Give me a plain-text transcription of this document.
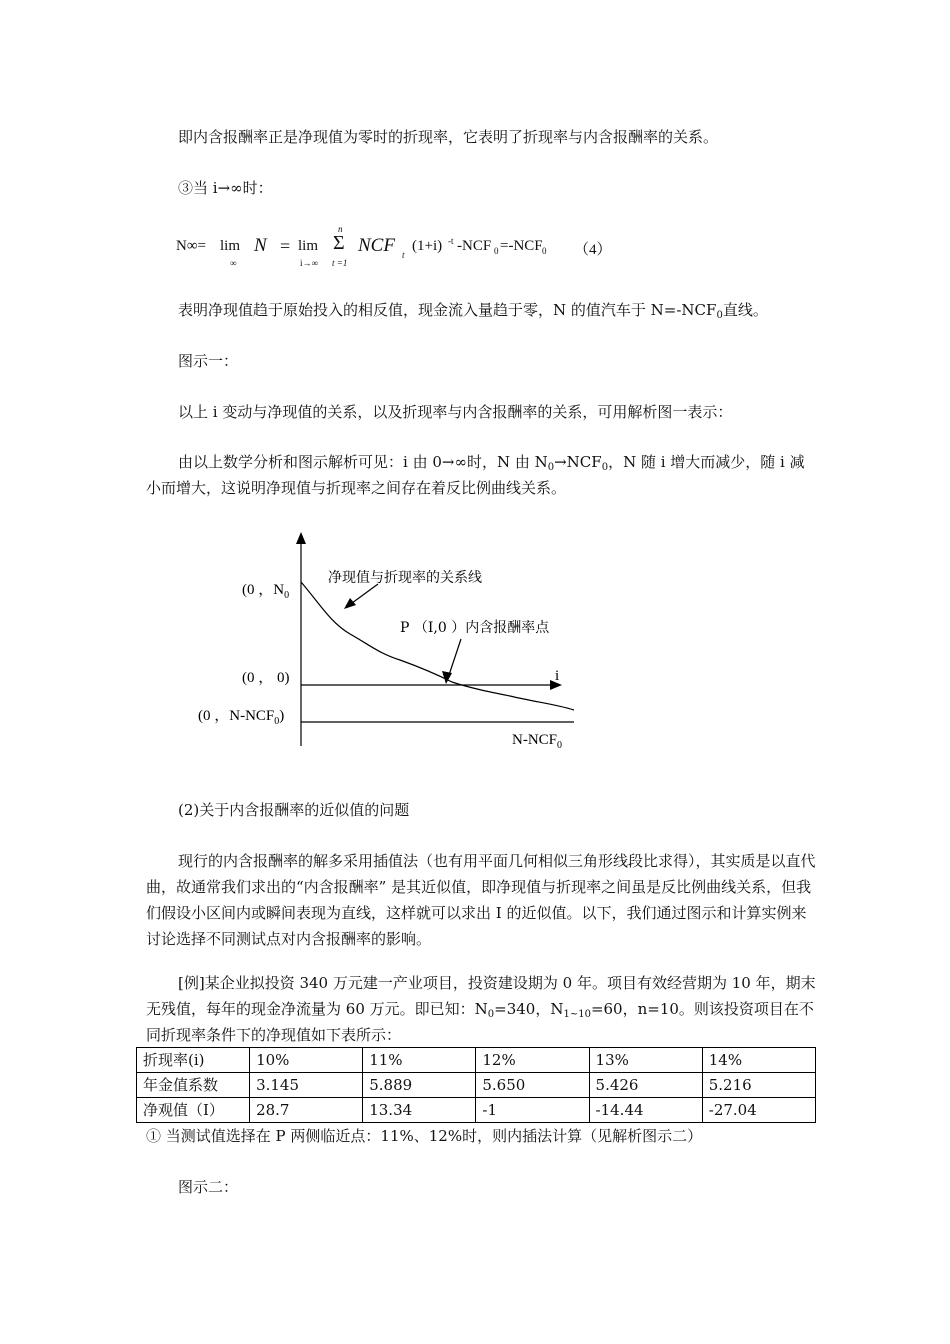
即内含报酬率正是净现值为零时的折现率，它表明了折现率与内含报酬率的关系。
③当 i→∞时：
N∞= lim
∞
N = lim
i→∞
n
Σ
t =1
NCF t
(1+i) -t -NCF 0 =-NCF 0 （4）
表明净现值趋于原始投入的相反值，现金流入量趋于零，N 的值汽车于 $N=-NCF_0$直线。
图示一：
以上 i 变动与净现值的关系，以及折现率与内含报酬率的关系，可用解析图一表示：
由以上数学分析和图示解析可见：i 由 0→∞时，N 由 $N_0\to NCF_0$，N 随 i 增大而减少，随 i 减小而增大，这说明净现值与折现率之间存在着反比例曲线关系。
(0 ，$N_0$
(0 ， 0)
(0 ，$N-NCF_0$)
净现值与折现率的关系线
P （I,0 ）内含报酬率点
i
$N-NCF_0$
(2)关于内含报酬率的近似值的问题
现行的内含报酬率的解多采用插值法（也有用平面几何相似三角形线段比求得），其实质是以直代曲，故通常我们求出的“内含报酬率” 是其近似值，即净现值与折现率之间虽是反比例曲线关系，但我们假设小区间内或瞬间表现为直线，这样就可以求出 I 的近似值。以下，我们通过图示和计算实例来讨论选择不同测试点对内含报酬率的影响。
[例]某企业拟投资 340 万元建一产业项目，投资建设期为 0 年。项目有效经营期为 10 年，期末无残值，每年的现金净流量为 60 万元。即已知：$N_0=340$，$N_{1\sim 10}=60$，n=10。则该投资项目在不同折现率条件下的净现值如下表所示：
折现率(i)	10%	11%	12%	13%	14%
年金值系数	3.145	5.889	5.650	5.426	5.216
净观值（I）	28.7	13.34	-1	-14.44	-27.04
① 当测试值选择在 P 两侧临近点：11%、12%时，则内插法计算（见解析图示二）
图示二：
